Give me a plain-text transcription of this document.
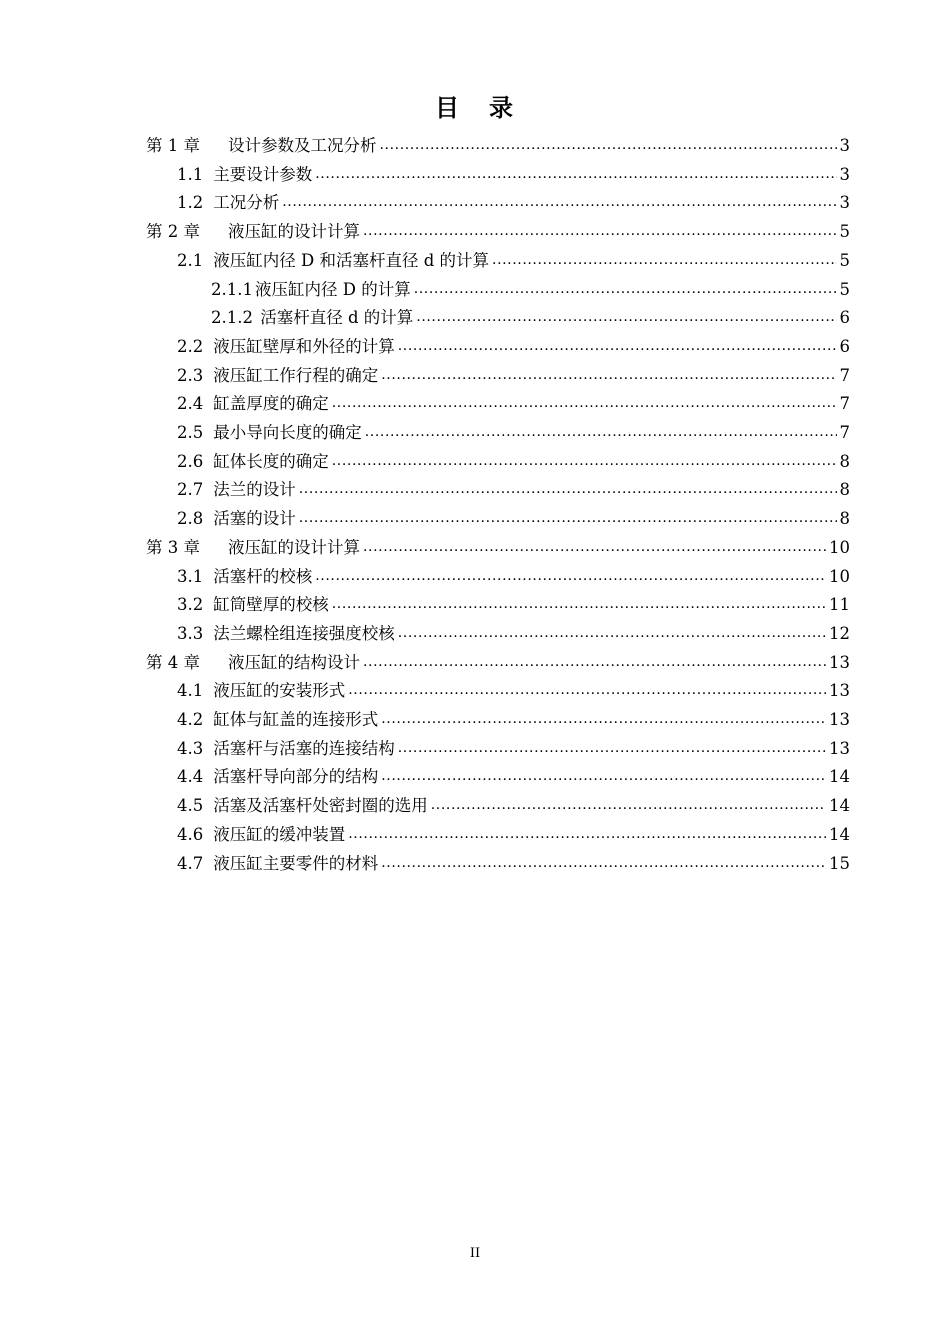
目 录
第 1 章 设计参数及工况分析 .....	3
1.1 主要设计参数 .....	3
1.2 工况分析 .....	3
第 2 章 液压缸的设计计算 .....	5
2.1 液压缸内径 D 和活塞杆直径 d 的计算 .....	5
2.1.1 液压缸内径 D 的计算 .....	5
2.1.2 活塞杆直径 d 的计算 .....	6
2.2 液压缸壁厚和外径的计算 .....	6
2.3 液压缸工作行程的确定 .....	7
2.4 缸盖厚度的确定 .....	7
2.5 最小导向长度的确定 .....	7
2.6 缸体长度的确定 .....	8
2.7 法兰的设计 .....	8
2.8 活塞的设计 .....	8
第 3 章 液压缸的设计计算 .....	10
3.1 活塞杆的校核 .....	10
3.2 缸筒壁厚的校核 .....	11
3.3 法兰螺栓组连接强度校核 .....	12
第 4 章 液压缸的结构设计 .....	13
4.1 液压缸的安装形式 .....	13
4.2 缸体与缸盖的连接形式 .....	13
4.3 活塞杆与活塞的连接结构 .....	13
4.4 活塞杆导向部分的结构 .....	14
4.5 活塞及活塞杆处密封圈的选用 .....	14
4.6 液压缸的缓冲装置 .....	14
4.7 液压缸主要零件的材料 .....	15
II
